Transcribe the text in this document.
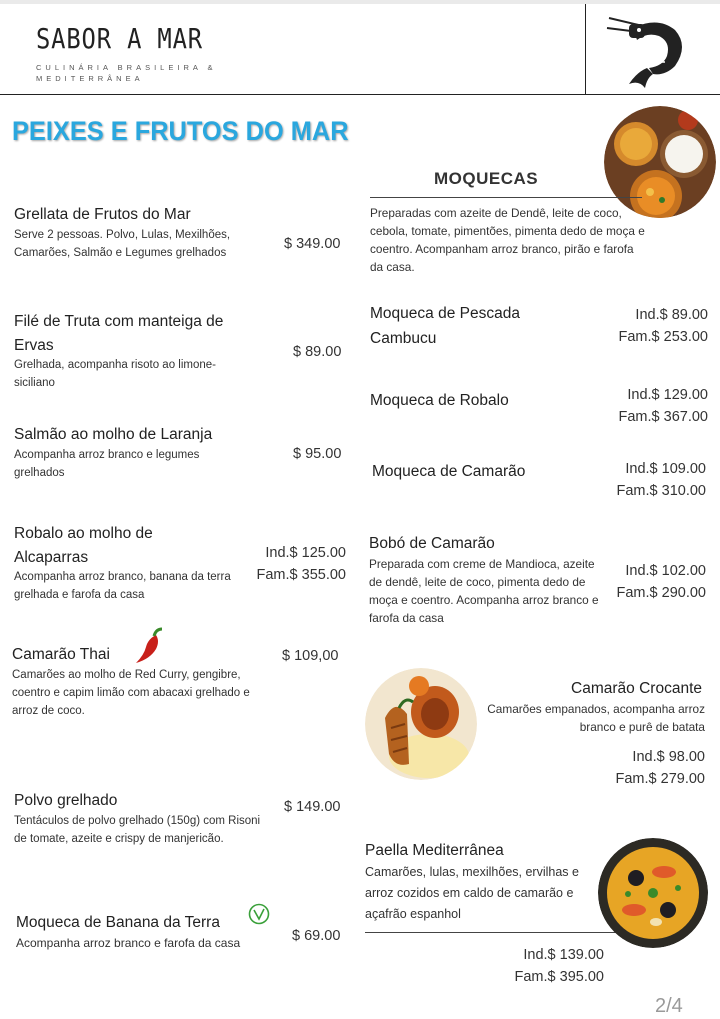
SABOR A MAR
CULINÁRIA BRASILEIRA & MEDITERRÂNEA
PEIXES E FRUTOS DO MAR
Grellata de Frutos do Mar
Serve 2 pessoas. Polvo, Lulas, Mexilhões, Camarões, Salmão e Legumes grelhados
$ 349.00
Filé de Truta com manteiga de Ervas
Grelhada, acompanha risoto ao limone-siciliano
$ 89.00
Salmão ao molho de Laranja
Acompanha arroz branco e legumes grelhados
$ 95.00
Robalo ao molho de Alcaparras
Acompanha arroz branco, banana da terra grelhada e farofa da casa
Ind.$ 125.00
Fam.$ 355.00
Camarão Thai
Camarões ao molho de Red Curry, gengibre, coentro e capim limão com abacaxi grelhado e arroz de coco.
$ 109,00
Polvo grelhado
Tentáculos de polvo grelhado (150g) com Risoni de tomate, azeite e crispy de manjericão.
$ 149.00
Moqueca de Banana da Terra
Acompanha arroz branco e farofa da casa	$ 69.00
MOQUECAS
Preparadas com azeite de Dendê, leite de coco, cebola, tomate, pimentões, pimenta dedo de moça e coentro. Acompanham arroz branco, pirão e farofa da casa.
Moqueca de Pescada Cambucu
Ind.$ 89.00
Fam.$ 253.00
Moqueca de Robalo	Ind.$ 129.00
Fam.$ 367.00
Moqueca de Camarão	Ind.$ 109.00
Fam.$ 310.00
Bobó de Camarão
Preparada com creme de Mandioca, azeite de dendê, leite de coco, pimenta dedo de moça e coentro. Acompanha arroz branco e farofa da casa
Ind.$ 102.00
Fam.$ 290.00
Camarão Crocante
Camarões empanados, acompanha arroz branco e purê de batata
Ind.$ 98.00
Fam.$ 279.00
Paella Mediterrânea
Camarões, lulas, mexilhões, ervilhas e arroz cozidos em caldo de camarão e açafrão espanhol
Ind.$ 139.00
Fam.$ 395.00
2/4
